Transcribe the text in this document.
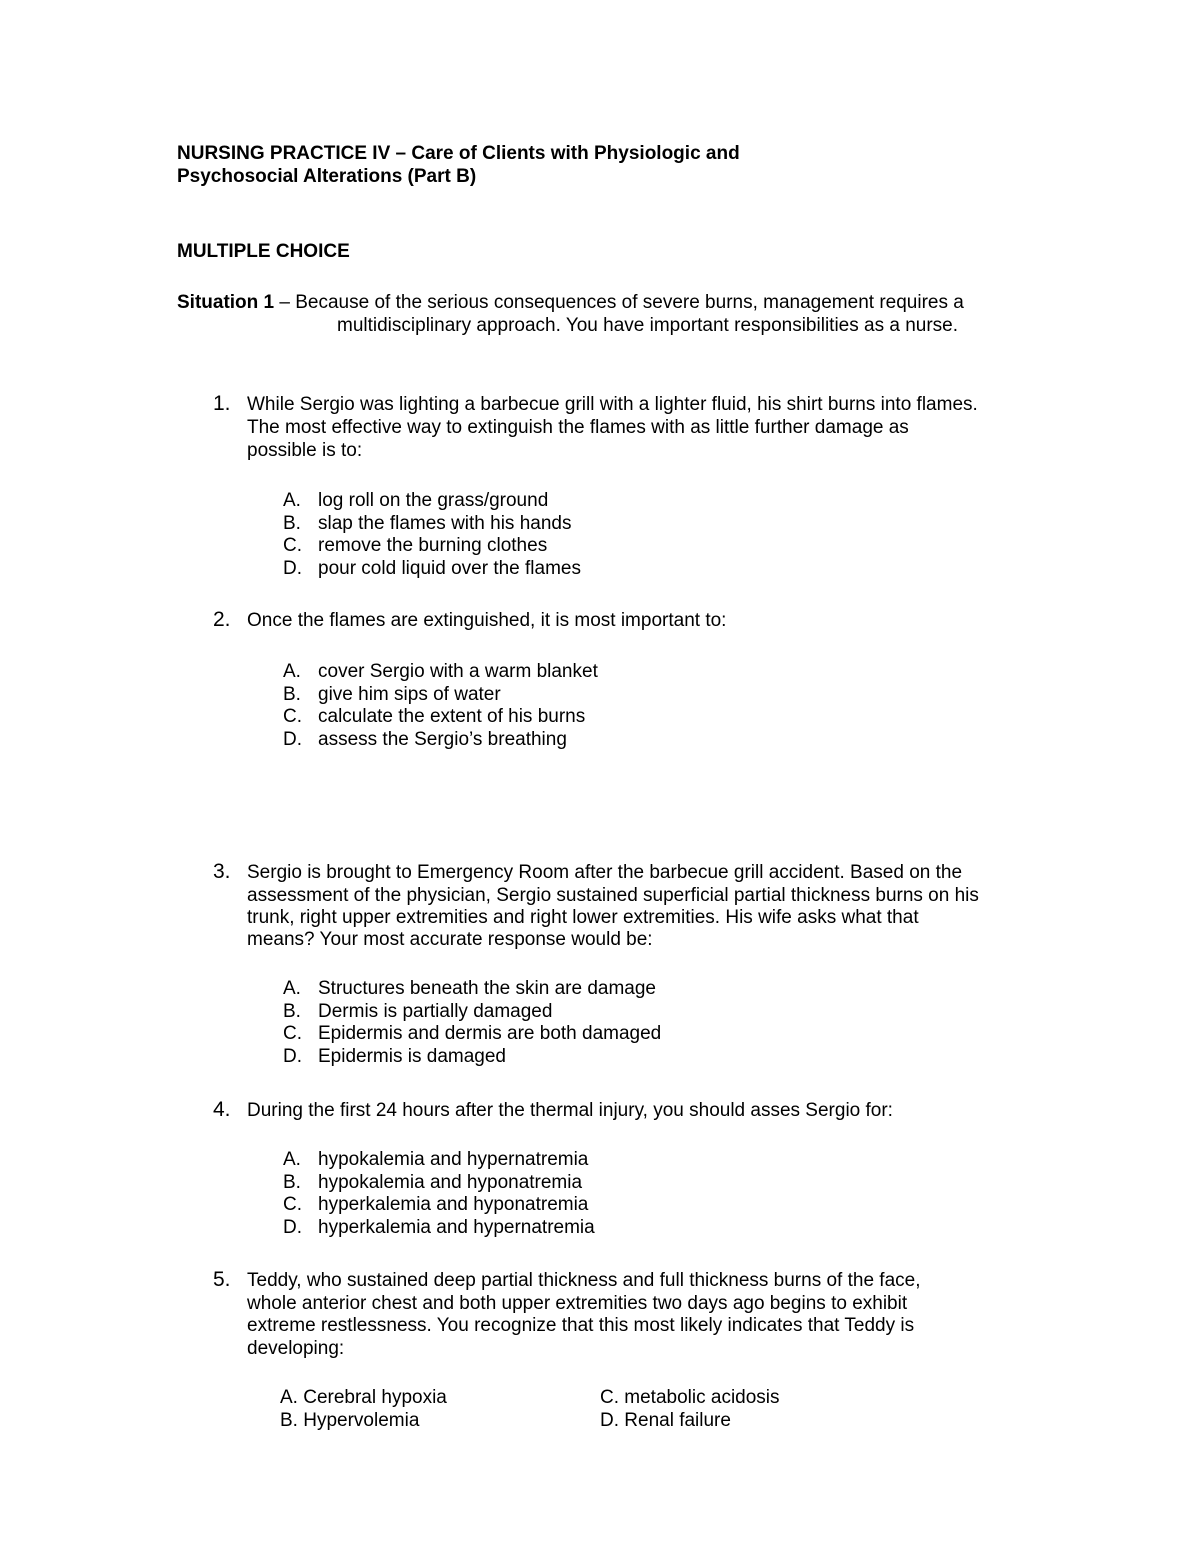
NURSING PRACTICE IV – Care of Clients with Physiologic and
Psychosocial Alterations (Part B)
MULTIPLE CHOICE
Situation 1 – Because of the serious consequences of severe burns, management requires a
multidisciplinary approach. You have important responsibilities as a nurse.
1. While Sergio was lighting a barbecue grill with a lighter fluid, his shirt burns into flames.
The most effective way to extinguish the flames with as little further damage as
possible is to:
A. log roll on the grass/ground
B. slap the flames with his hands
C. remove the burning clothes
D. pour cold liquid over the flames
2. Once the flames are extinguished, it is most important to:
A. cover Sergio with a warm blanket
B. give him sips of water
C. calculate the extent of his burns
D. assess the Sergio’s breathing
3. Sergio is brought to Emergency Room after the barbecue grill accident. Based on the
assessment of the physician, Sergio sustained superficial partial thickness burns on his
trunk, right upper extremities and right lower extremities. His wife asks what that
means? Your most accurate response would be:
A. Structures beneath the skin are damage
B. Dermis is partially damaged
C. Epidermis and dermis are both damaged
D. Epidermis is damaged
4. During the first 24 hours after the thermal injury, you should asses Sergio for:
A. hypokalemia and hypernatremia
B. hypokalemia and hyponatremia
C. hyperkalemia and hyponatremia
D. hyperkalemia and hypernatremia
5. Teddy, who sustained deep partial thickness and full thickness burns of the face,
whole anterior chest and both upper extremities two days ago begins to exhibit
extreme restlessness. You recognize that this most likely indicates that Teddy is
developing:
A. Cerebral hypoxia
B. Hypervolemia
C. metabolic acidosis
D. Renal failure
